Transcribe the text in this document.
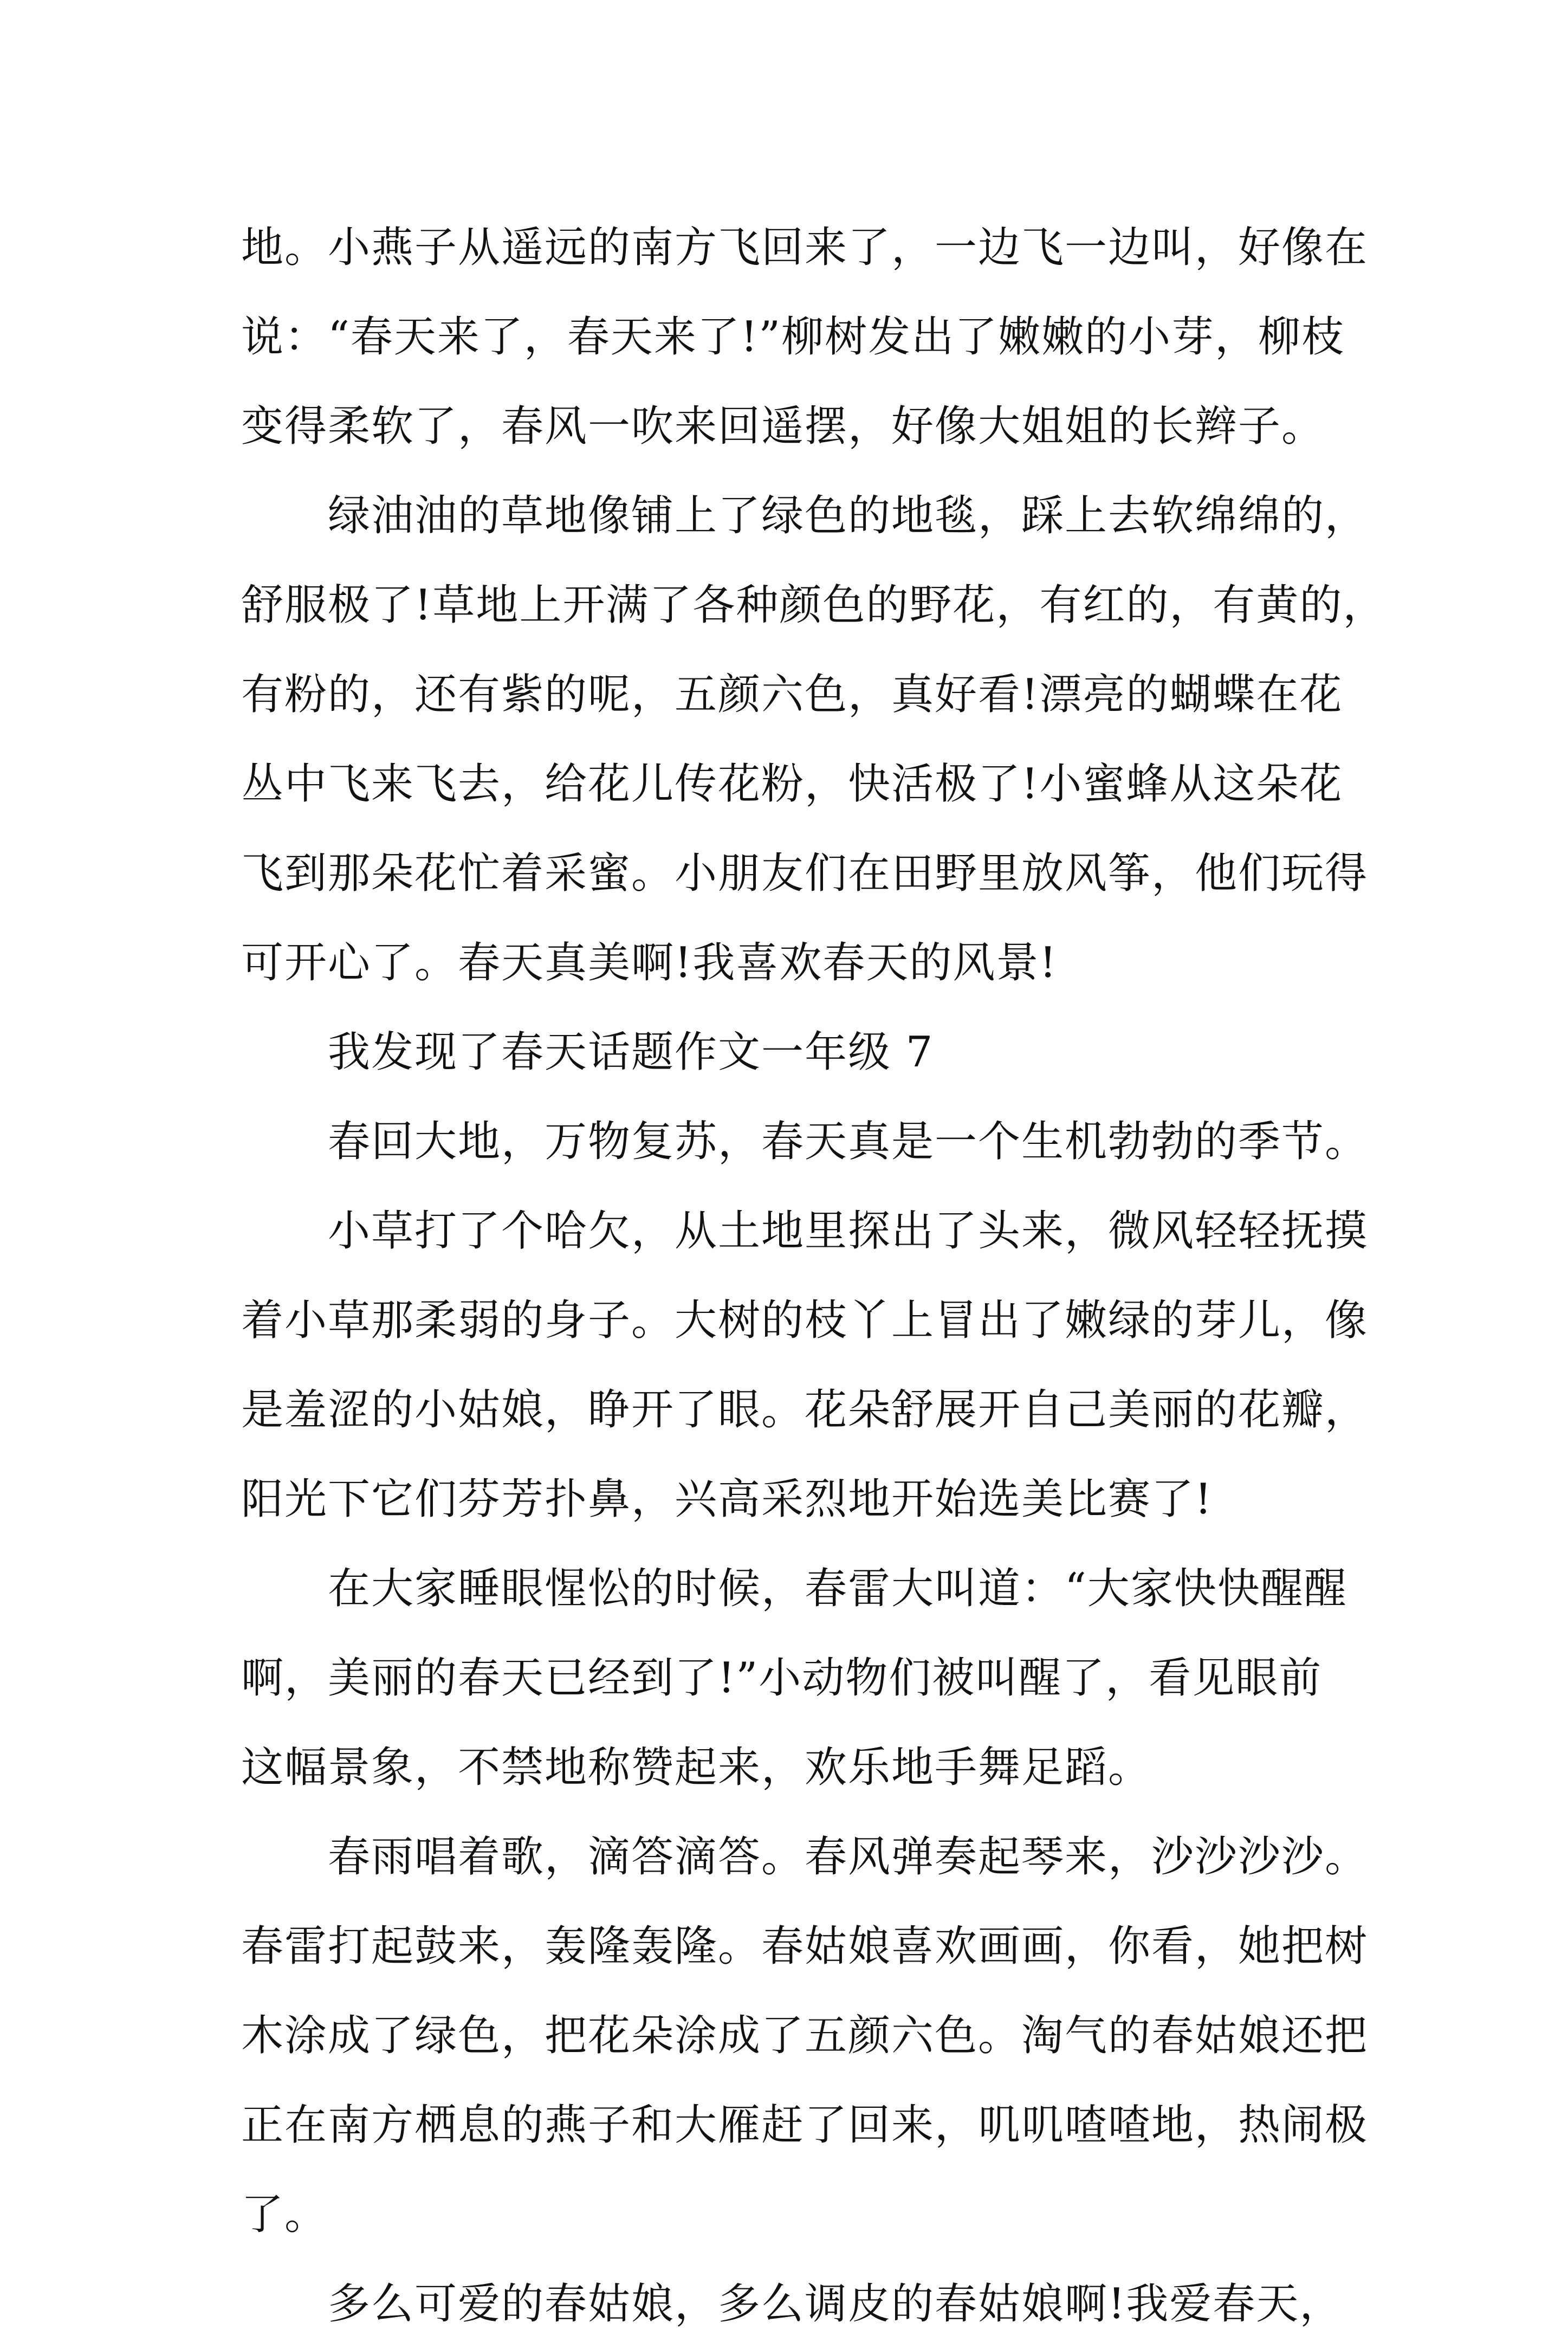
地。小燕子从遥远的南方飞回来了，一边飞一边叫，好像在
说：“春天来了，春天来了!”柳树发出了嫩嫩的小芽，柳枝
变得柔软了，春风一吹来回遥摆，好像大姐姐的长辫子。
绿油油的草地像铺上了绿色的地毯，踩上去软绵绵的，
舒服极了!草地上开满了各种颜色的野花，有红的，有黄的，
有粉的，还有紫的呢，五颜六色，真好看!漂亮的蝴蝶在花
丛中飞来飞去，给花儿传花粉，快活极了!小蜜蜂从这朵花
飞到那朵花忙着采蜜。小朋友们在田野里放风筝，他们玩得
可开心了。春天真美啊!我喜欢春天的风景!
我发现了春天话题作文一年级 7
春回大地，万物复苏，春天真是一个生机勃勃的季节。
小草打了个哈欠，从土地里探出了头来，微风轻轻抚摸
着小草那柔弱的身子。大树的枝丫上冒出了嫩绿的芽儿，像
是羞涩的小姑娘，睁开了眼。花朵舒展开自己美丽的花瓣，
阳光下它们芬芳扑鼻，兴高采烈地开始选美比赛了!
在大家睡眼惺忪的时候，春雷大叫道：“大家快快醒醒
啊，美丽的春天已经到了!”小动物们被叫醒了，看见眼前
这幅景象，不禁地称赞起来，欢乐地手舞足蹈。
春雨唱着歌，滴答滴答。春风弹奏起琴来，沙沙沙沙。
春雷打起鼓来，轰隆轰隆。春姑娘喜欢画画，你看，她把树
木涂成了绿色，把花朵涂成了五颜六色。淘气的春姑娘还把
正在南方栖息的燕子和大雁赶了回来，叽叽喳喳地，热闹极
了。
多么可爱的春姑娘，多么调皮的春姑娘啊!我爱春天，
